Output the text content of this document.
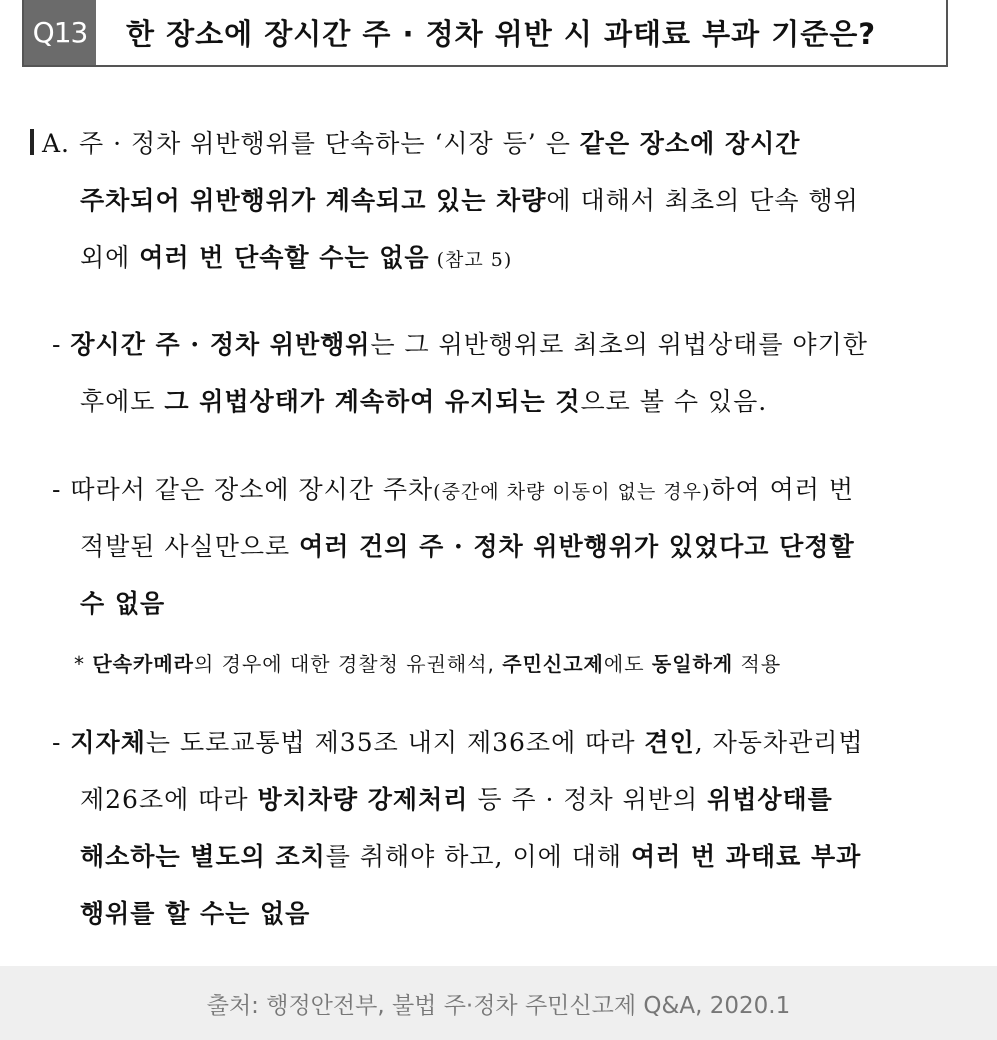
Q13	한 장소에 장시간 주 · 정차 위반 시 과태료 부과 기준은?
A. 주 · 정차 위반행위를 단속하는 ‘시장 등’ 은 같은 장소에 장시간
주차되어 위반행위가 계속되고 있는 차량에 대해서 최초의 단속 행위
외에 여러 번 단속할 수는 없음 (참고 5)
- 장시간 주 · 정차 위반행위는 그 위반행위로 최초의 위법상태를 야기한
후에도 그 위법상태가 계속하여 유지되는 것으로 볼 수 있음.
- 따라서 같은 장소에 장시간 주차(중간에 차량 이동이 없는 경우)하여 여러 번
적발된 사실만으로 여러 건의 주 · 정차 위반행위가 있었다고 단정할
수 없음
* 단속카메라의 경우에 대한 경찰청 유권해석, 주민신고제에도 동일하게 적용
- 지자체는 도로교통법 제35조 내지 제36조에 따라 견인, 자동차관리법
제26조에 따라 방치차량 강제처리 등 주 · 정차 위반의 위법상태를
해소하는 별도의 조치를 취해야 하고, 이에 대해 여러 번 과태료 부과
행위를 할 수는 없음
출처: 행정안전부, 불법 주·정차 주민신고제 Q&A, 2020.1
